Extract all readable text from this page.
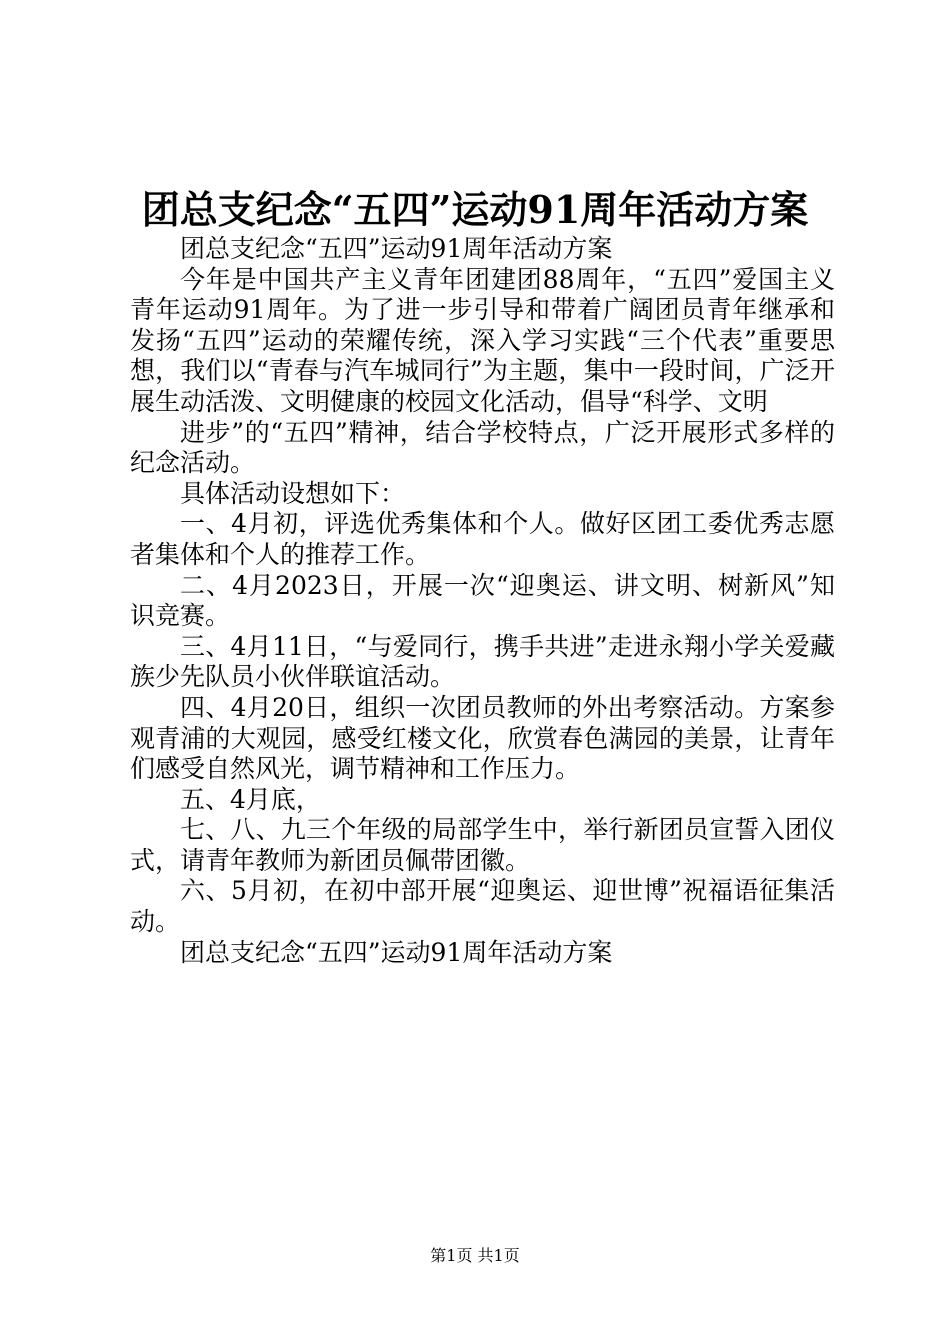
团总支纪念“五四”运动91周年活动方案

团总支纪念“五四”运动91周年活动方案

今年是中国共产主义青年团建团88周年，“五四”爱国主义青年运动91周年。为了进一步引导和带着广阔团员青年继承和发扬“五四”运动的荣耀传统，深入学习实践“三个代表”重要思想，我们以“青春与汽车城同行”为主题，集中一段时间，广泛开展生动活泼、文明健康的校园文化活动，倡导“科学、文明

进步”的“五四”精神，结合学校特点，广泛开展形式多样的纪念活动。

具体活动设想如下：

一、4月初，评选优秀集体和个人。做好区团工委优秀志愿者集体和个人的推荐工作。

二、4月2023日，开展一次“迎奥运、讲文明、树新风”知识竞赛。

三、4月11日，“与爱同行，携手共进”走进永翔小学关爱藏族少先队员小伙伴联谊活动。

四、4月20日，组织一次团员教师的外出考察活动。方案参观青浦的大观园，感受红楼文化，欣赏春色满园的美景，让青年们感受自然风光，调节精神和工作压力。

五、4月底，

七、八、九三个年级的局部学生中，举行新团员宣誓入团仪式，请青年教师为新团员佩带团徽。

六、5月初，在初中部开展“迎奥运、迎世博”祝福语征集活动。

团总支纪念“五四”运动91周年活动方案

第1页 共1页
